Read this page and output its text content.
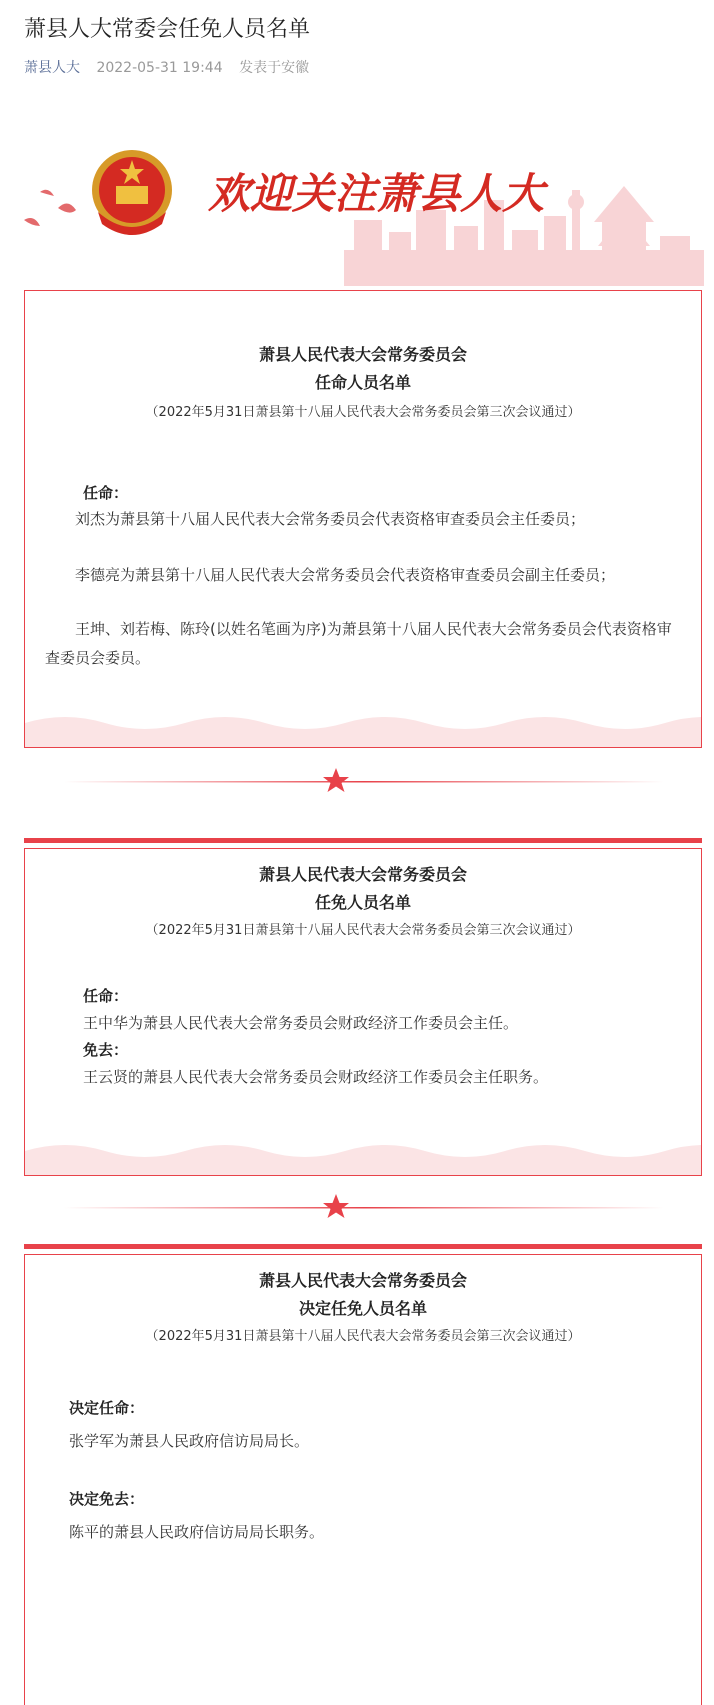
萧县人大常委会任免人员名单
萧县人大 2022-05-31 19:44 发表于安徽
欢迎关注萧县人大
萧县人民代表大会常务委员会
任命人员名单
（2022年5月31日萧县第十八届人民代表大会常务委员会第三次会议通过）
任命：
刘杰为萧县第十八届人民代表大会常务委员会代表资格审查委员会主任委员；
李德亮为萧县第十八届人民代表大会常务委员会代表资格审查委员会副主任委员；
王坤、刘若梅、陈玲(以姓名笔画为序)为萧县第十八届人民代表大会常务委员会代表资格审查委员会委员。
萧县人民代表大会常务委员会
任免人员名单
（2022年5月31日萧县第十八届人民代表大会常务委员会第三次会议通过）
任命：
王中华为萧县人民代表大会常务委员会财政经济工作委员会主任。
免去：
王云贤的萧县人民代表大会常务委员会财政经济工作委员会主任职务。
萧县人民代表大会常务委员会
决定任免人员名单
（2022年5月31日萧县第十八届人民代表大会常务委员会第三次会议通过）
决定任命：
张学军为萧县人民政府信访局局长。
决定免去：
陈平的萧县人民政府信访局局长职务。
